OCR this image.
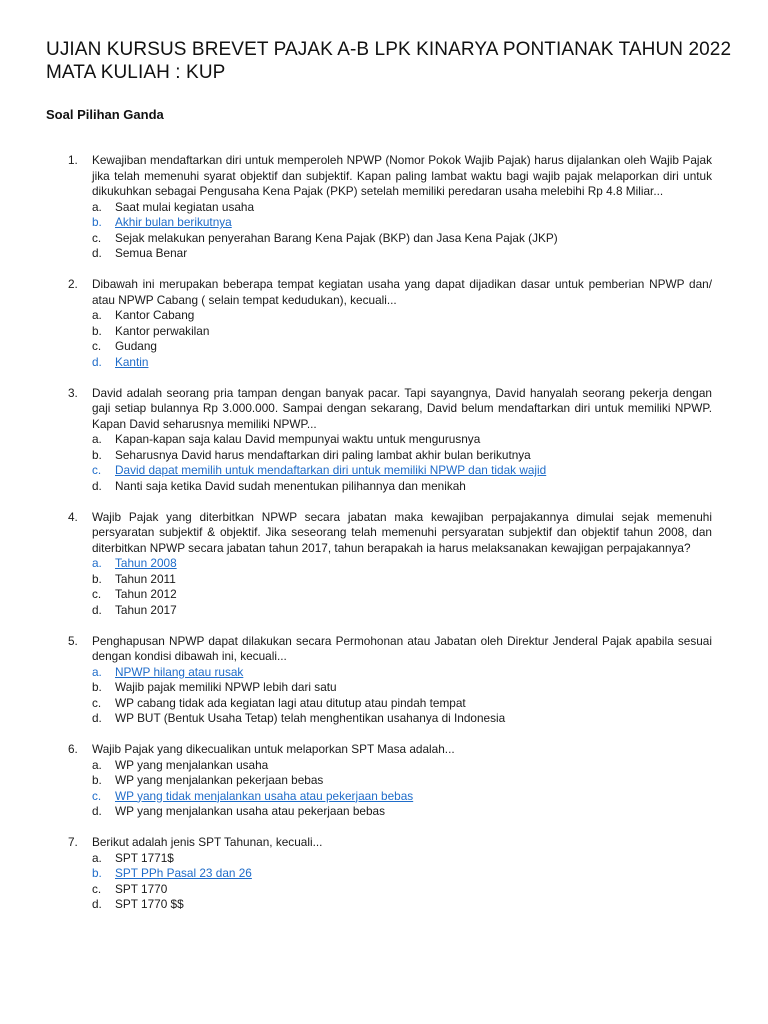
UJIAN KURSUS BREVET PAJAK A-B LPK KINARYA PONTIANAK TAHUN 2022
MATA KULIAH : KUP
Soal Pilihan Ganda
1. Kewajiban mendaftarkan diri untuk memperoleh NPWP (Nomor Pokok Wajib Pajak) harus dijalankan oleh Wajib Pajak jika telah memenuhi syarat objektif dan subjektif. Kapan paling lambat waktu bagi wajib pajak melaporkan diri untuk dikukuhkan sebagai Pengusaha Kena Pajak (PKP) setelah memiliki peredaran usaha melebihi Rp 4.8 Miliar...
a. Saat mulai kegiatan usaha
b. Akhir bulan berikutnya
c. Sejak melakukan penyerahan Barang Kena Pajak (BKP) dan Jasa Kena Pajak (JKP)
d. Semua Benar
2. Dibawah ini merupakan beberapa tempat kegiatan usaha yang dapat dijadikan dasar untuk pemberian NPWP dan/ atau NPWP Cabang ( selain tempat kedudukan), kecuali...
a. Kantor Cabang
b. Kantor perwakilan
c. Gudang
d. Kantin
3. David adalah seorang pria tampan dengan banyak pacar. Tapi sayangnya, David hanyalah seorang pekerja dengan gaji setiap bulannya Rp 3.000.000. Sampai dengan sekarang, David belum mendaftarkan diri untuk memiliki NPWP. Kapan David seharusnya memiliki NPWP...
a. Kapan-kapan saja kalau David mempunyai waktu untuk mengurusnya
b. Seharusnya David harus mendaftarkan diri paling lambat akhir bulan berikutnya
c. David dapat memilih untuk mendaftarkan diri untuk memiliki NPWP dan tidak wajid
d. Nanti saja ketika David sudah menentukan pilihannya dan menikah
4. Wajib Pajak yang diterbitkan NPWP secara jabatan maka kewajiban perpajakannya dimulai sejak memenuhi persyaratan subjektif & objektif. Jika seseorang telah memenuhi persyaratan subjektif dan objektif tahun 2008, dan diterbitkan NPWP secara jabatan tahun 2017, tahun berapakah ia harus melaksanakan kewajigan perpajakannya?
a. Tahun 2008
b. Tahun 2011
c. Tahun 2012
d. Tahun 2017
5. Penghapusan NPWP dapat dilakukan secara Permohonan atau Jabatan oleh Direktur Jenderal Pajak apabila sesuai dengan kondisi dibawah ini, kecuali...
a. NPWP hilang atau rusak
b. Wajib pajak memiliki NPWP lebih dari satu
c. WP cabang tidak ada kegiatan lagi atau ditutup atau pindah tempat
d. WP BUT (Bentuk Usaha Tetap) telah menghentikan usahanya di Indonesia
6. Wajib Pajak yang dikecualikan untuk melaporkan SPT Masa adalah...
a. WP yang menjalankan usaha
b. WP yang menjalankan pekerjaan bebas
c. WP yang tidak menjalankan usaha atau pekerjaan bebas
d. WP yang menjalankan usaha atau pekerjaan bebas
7. Berikut adalah jenis SPT Tahunan, kecuali...
a. SPT 1771$
b. SPT PPh Pasal 23 dan 26
c. SPT 1770
d. SPT 1770 $$
